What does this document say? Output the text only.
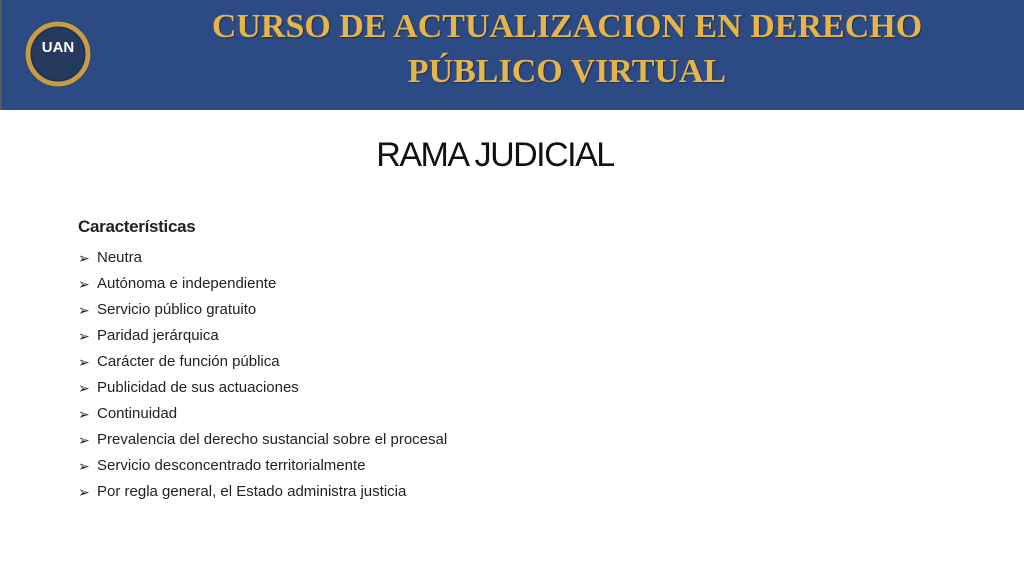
UAN
CURSO DE ACTUALIZACION EN DERECHO
PÚBLICO VIRTUAL
RAMA JUDICIAL
Características
➢ Neutra
➢ Autónoma e independiente
➢ Servicio público gratuito
➢ Paridad jerárquica
➢ Carácter de función pública
➢ Publicidad de sus actuaciones
➢ Continuidad
➢ Prevalencia del derecho sustancial sobre el procesal
➢ Servicio desconcentrado territorialmente
➢ Por regla general, el Estado administra justicia
